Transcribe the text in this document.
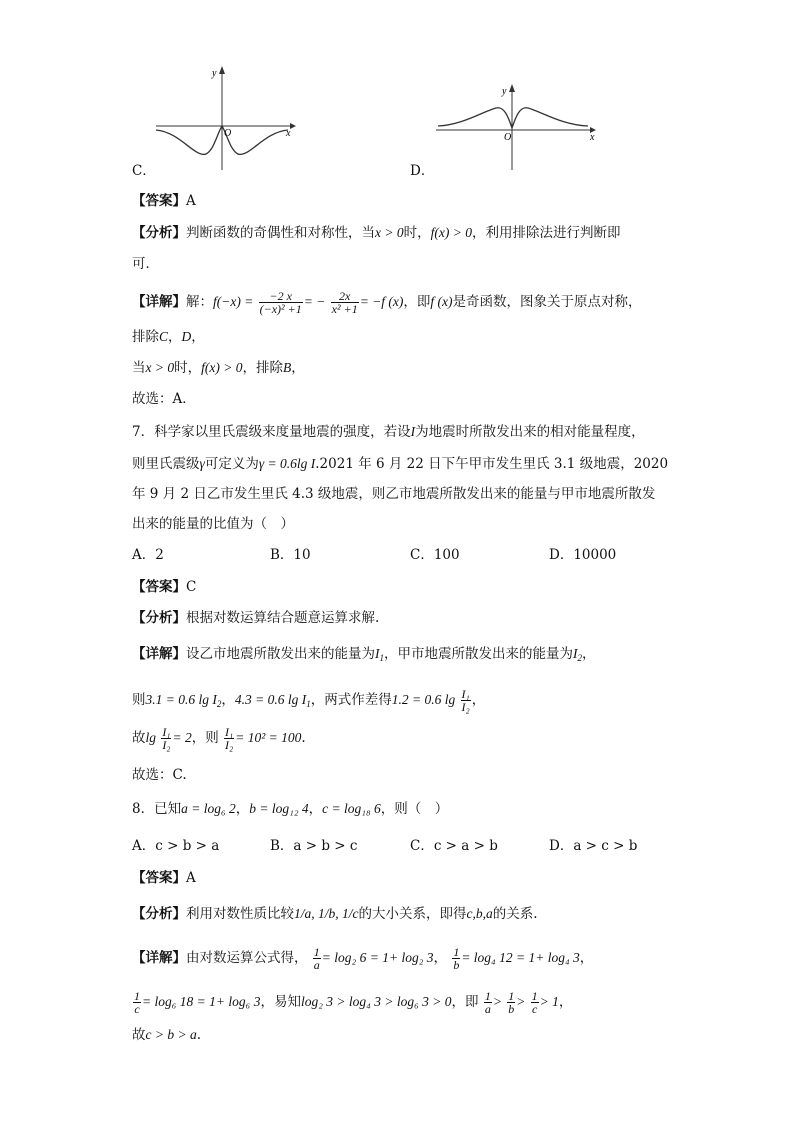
y
O	x
C．
y
O	x
D．
【答案】A
【分析】判断函数的奇偶性和对称性，当x > 0时，f(x) > 0，利用排除法进行判断即
可．
【详解】解：$f(-x) = \frac{-2 x}{\text{(−x)² +1}}$ = − $\frac{2x}{\text{x² +1}} = -f$ (x)，即f (x)是奇函数，图象关于原点对称，
排除C，D，
当x > 0时，f(x) > 0，排除B，
故选：A．
7．科学家以里氏震级来度量地震的强度，若设I为地震时所散发出来的相对能量程度，
则里氏震级γ可定义为γ = 0.6lg I.2021 年 6 月 22 日下午甲市发生里氏 3.1 级地震，2020
年 9 月 2 日乙市发生里氏 4.3 级地震，则乙市地震所散发出来的能量与甲市地震所散发
出来的能量的比值为（　）
A．2	B．10	C．100	D．10000
【答案】C
【分析】根据对数运算结合题意运算求解.
【详解】设乙市地震所散发出来的能量为$I_1$，甲市地震所散发出来的能量为$I_2$，
则3.1 = 0.6 $\lg I_2$，4.3 = 0.6 $\lg I_1$，两式作差得1.2 = 0.6 $\lg \frac{\text{I₁}}{\text{I₂}}$ ，
故$\lg \frac{\text{I₁}}{\text{I₂}} = 2$，则 $\frac{\text{I₁}}{\text{I₂}} = 10^2 = 100$.
故选：C.
8．已知a = log₆ 2，b = log₁₂ 4，c = log₁₈ 6，则（　）
A．c > b > a	B．a > b > c	C．c > a > b	D．a > c > b
【答案】A
【分析】利用对数性质比较1/a, 1/b, 1/c的大小关系，即得c,b,a的关系.
【详解】由对数运算公式得， $\frac{1}{a} = \log_2$ 6 = 1+ log₂ 3， $\frac{1}{b} = \log_4$ 12 = 1+ log₄ 3，
$\frac{1}{c} = \log_6$ 18 = 1+ log₆ 3，易知log₂ 3 > log₄ 3 > log₆ 3 > 0，即 $\frac{1}{a} > \frac{1}{b} > \frac{1}{c} > 1$，
故c > b > a.
